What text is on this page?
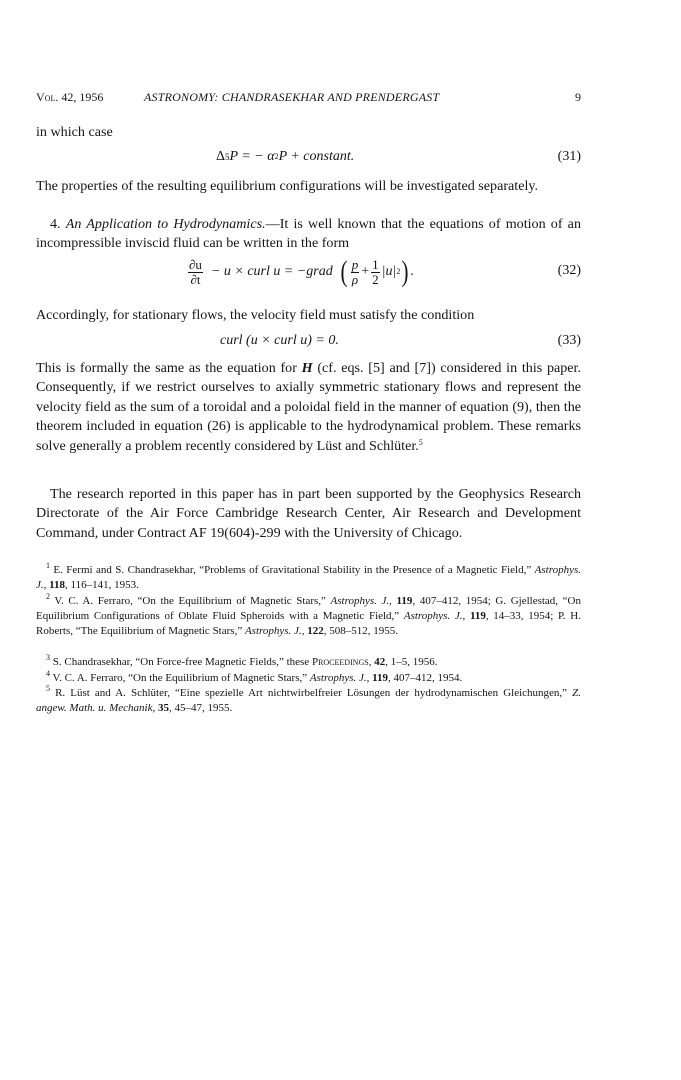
Vol. 42, 1956	ASTRONOMY: CHANDRASEKHAR AND PRENDERGAST	9

in which case

Δ 5 P = − α 2 P + constant.	(31)

The properties of the resulting equilibrium configurations will be investigated separately.

4. An Application to Hydrodynamics.—It is well known that the equations of motion of an incompressible inviscid fluid can be written in the form

$\frac{\partial u}{\partial t} - u$ × curl u = −grad ( $\frac{p}{\rho} + \frac{1}{2} |u|$ 2 ) .	(32)

Accordingly, for stationary flows, the velocity field must satisfy the condition

curl (u × curl u) = 0.	(33)

This is formally the same as the equation for H (cf. eqs. [5] and [7]) considered in this paper. Consequently, if we restrict ourselves to axially symmetric stationary flows and represent the velocity field as the sum of a toroidal and a poloidal field in the manner of equation (9), then the theorem included in equation (26) is applicable to the hydrodynamical problem. These remarks solve generally a problem recently considered by Lüst and Schlüter.$^5$

The research reported in this paper has in part been supported by the Geophysics Research Directorate of the Air Force Cambridge Research Center, Air Research and Development Command, under Contract AF 19(604)-299 with the University of Chicago.

$^1$ E. Fermi and S. Chandrasekhar, “Problems of Gravitational Stability in the Presence of a Magnetic Field,” Astrophys. J., 118, 116–141, 1953.

$^2$ V. C. A. Ferraro, “On the Equilibrium of Magnetic Stars,” Astrophys. J., 119, 407–412, 1954; G. Gjellestad, “On Equilibrium Configurations of Oblate Fluid Spheroids with a Magnetic Field,” Astrophys. J., 119, 14–33, 1954; P. H. Roberts, “The Equilibrium of Magnetic Stars,” Astrophys. J., 122, 508–512, 1955.

$^3$ S. Chandrasekhar, “On Force-free Magnetic Fields,” these Proceedings, 42, 1–5, 1956.

$^4$ V. C. A. Ferraro, “On the Equilibrium of Magnetic Stars,” Astrophys. J., 119, 407–412, 1954.

$^5$ R. Lüst and A. Schlüter, “Eine spezielle Art nichtwirbelfreier Lösungen der hydrodynamischen Gleichungen,” Z. angew. Math. u. Mechanik, 35, 45–47, 1955.
